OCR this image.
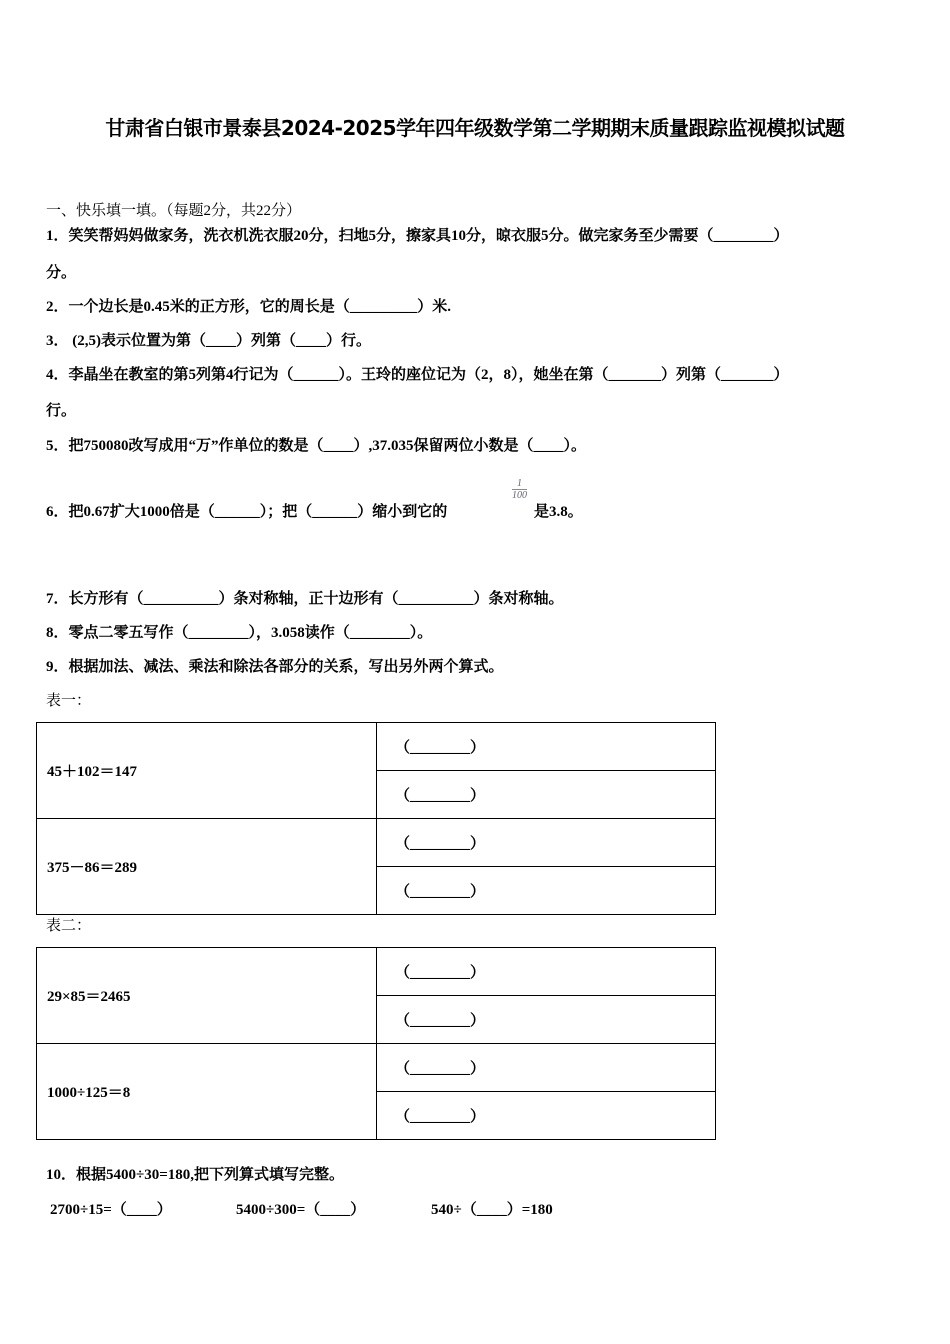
甘肃省白银市景泰县2024-2025学年四年级数学第二学期期末质量跟踪监视模拟试题
一、快乐填一填。（每题2分，共22分）
1．笑笑帮妈妈做家务，洗衣机洗衣服20分，扫地5分，擦家具10分，晾衣服5分。做完家务至少需要（________）
分。
2．一个边长是0.45米的正方形，它的周长是（_________）米.
3． (2,5)表示位置为第（____）列第（____）行。
4．李晶坐在教室的第5列第4行记为（______）。王玲的座位记为（2，8），她坐在第（_______）列第（_______）
行。
5．把750080改写成用“万”作单位的数是（____）,37.035保留两位小数是（____）。
6．把0.67扩大1000倍是（______）；把（______）缩小到它的
$\frac{1}{100}$
是3.8。
7．长方形有（__________）条对称轴，正十边形有（__________）条对称轴。
8．零点二零五写作（________），3.058读作（________）。
9．根据加法、减法、乘法和除法各部分的关系，写出另外两个算式。
表一：
45＋102＝147	（________）
	（________）
375－86＝289	（________）
	（________）
表二：
29×85＝2465	（________）
	（________）
1000÷125＝8	（________）
	（________）
10．根据5400÷30=180,把下列算式填写完整。
2700÷15=（____）	5400÷300=（____）	540÷（____）=180
